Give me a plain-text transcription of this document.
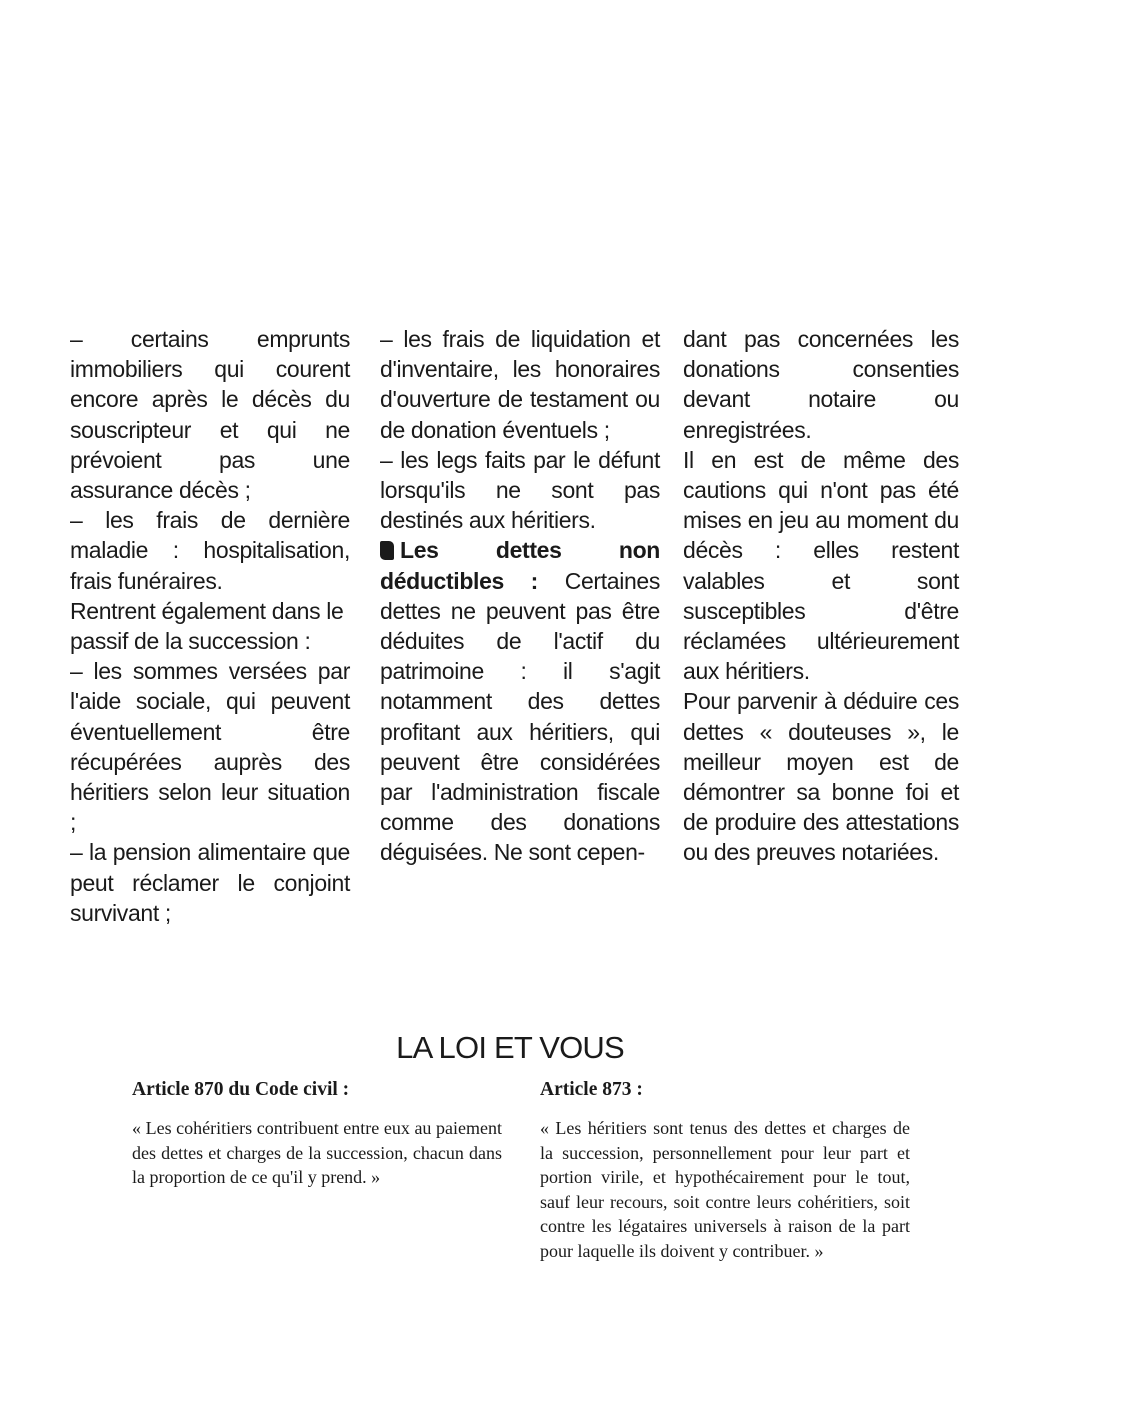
– certains emprunts immobiliers qui courent encore après le décès du souscripteur et qui ne prévoient pas une assurance décès ;

– les frais de dernière maladie : hospitalisation, frais funéraires.

Rentrent également dans le passif de la succession :

– les sommes versées par l'aide sociale, qui peuvent éventuellement être récupérées auprès des héritiers selon leur situation ;

– la pension alimentaire que peut réclamer le conjoint survivant ;

– les frais de liquidation et d'inventaire, les honoraires d'ouverture de testament ou de donation éventuels ;

– les legs faits par le défunt lorsqu'ils ne sont pas destinés aux héritiers.

Les dettes non déductibles : Certaines dettes ne peuvent pas être déduites de l'actif du patrimoine : il s'agit notamment des dettes profitant aux héritiers, qui peuvent être considérées par l'administration fiscale comme des donations déguisées. Ne sont cepen-

dant pas concernées les donations consenties devant notaire ou enregistrées.

Il en est de même des cautions qui n'ont pas été mises en jeu au moment du décès : elles restent valables et sont susceptibles d'être réclamées ultérieurement aux héritiers.

Pour parvenir à déduire ces dettes « douteuses », le meilleur moyen est de démontrer sa bonne foi et de produire des attestations ou des preuves notariées.

LA LOI ET VOUS
Article 870 du Code civil :

« Les cohéritiers contribuent entre eux au paiement des dettes et charges de la succession, chacun dans la proportion de ce qu'il y prend. »

Article 873 :

« Les héritiers sont tenus des dettes et charges de la succession, personnellement pour leur part et portion virile, et hypothécairement pour le tout, sauf leur recours, soit contre leurs cohéritiers, soit contre les légataires universels à raison de la part pour laquelle ils doivent y contribuer. »
